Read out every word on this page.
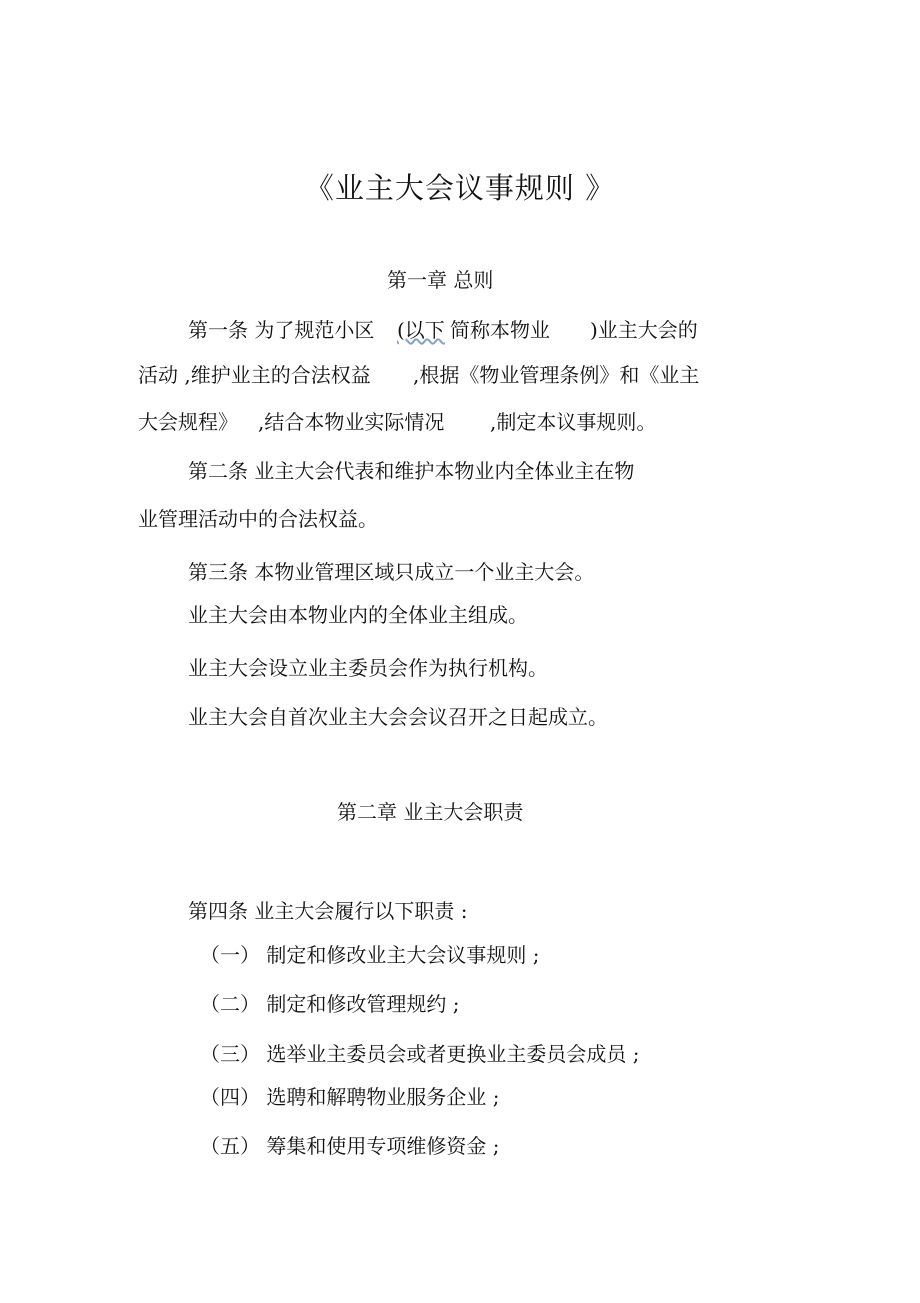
《业主大会议事规则 》
第一章 总则
第一条 为了规范小区 (以下 简称本物业 )业主大会的
活动 ,维护业主的合法权益 ,根据《物业管理条例》和《业主
大会规程》 ,结合本物业实际情况 ,制定本议事规则。
第二条 业主大会代表和维护本物业内全体业主在物
业管理活动中的合法权益。
第三条 本物业管理区域只成立一个业主大会。
业主大会由本物业内的全体业主组成。
业主大会设立业主委员会作为执行机构。
业主大会自首次业主大会会议召开之日起成立。
第二章 业主大会职责
第四条 业主大会履行以下职责 :
（一） 制定和修改业主大会议事规则 ;
（二） 制定和修改管理规约 ;
（三） 选举业主委员会或者更换业主委员会成员 ;
（四） 选聘和解聘物业服务企业 ;
（五） 筹集和使用专项维修资金 ;
